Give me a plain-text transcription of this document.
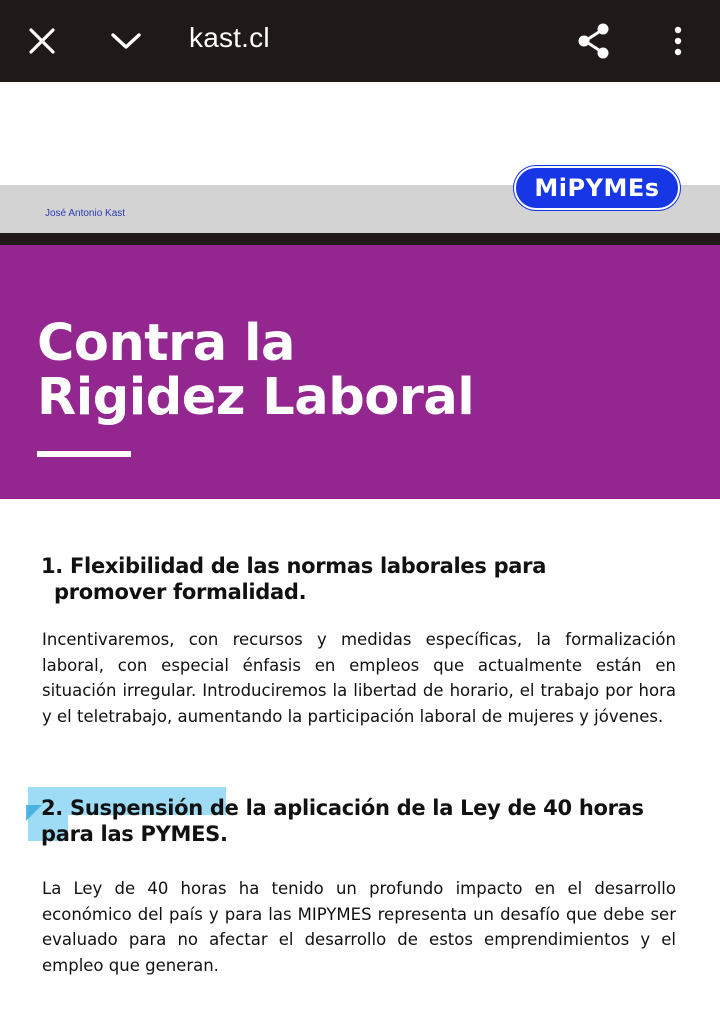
kast.cl
José Antonio Kast
MiPYMEs
Contra la
Rigidez Laboral
1. Flexibilidad de las normas laborales para
promover formalidad.
Incentivaremos, con recursos y medidas específicas, la formalización laboral, con especial énfasis en empleos que actualmente están en situación irregular. Introduciremos la libertad de horario, el trabajo por hora y el teletrabajo, aumentando la participación laboral de mujeres y jóvenes.
2. Suspensión de la aplicación de la Ley de 40 horas
para las PYMES.
La Ley de 40 horas ha tenido un profundo impacto en el desarrollo económico del país y para las MIPYMES representa un desafío que debe ser evaluado para no afectar el desarrollo de estos emprendimientos y el empleo que generan.
